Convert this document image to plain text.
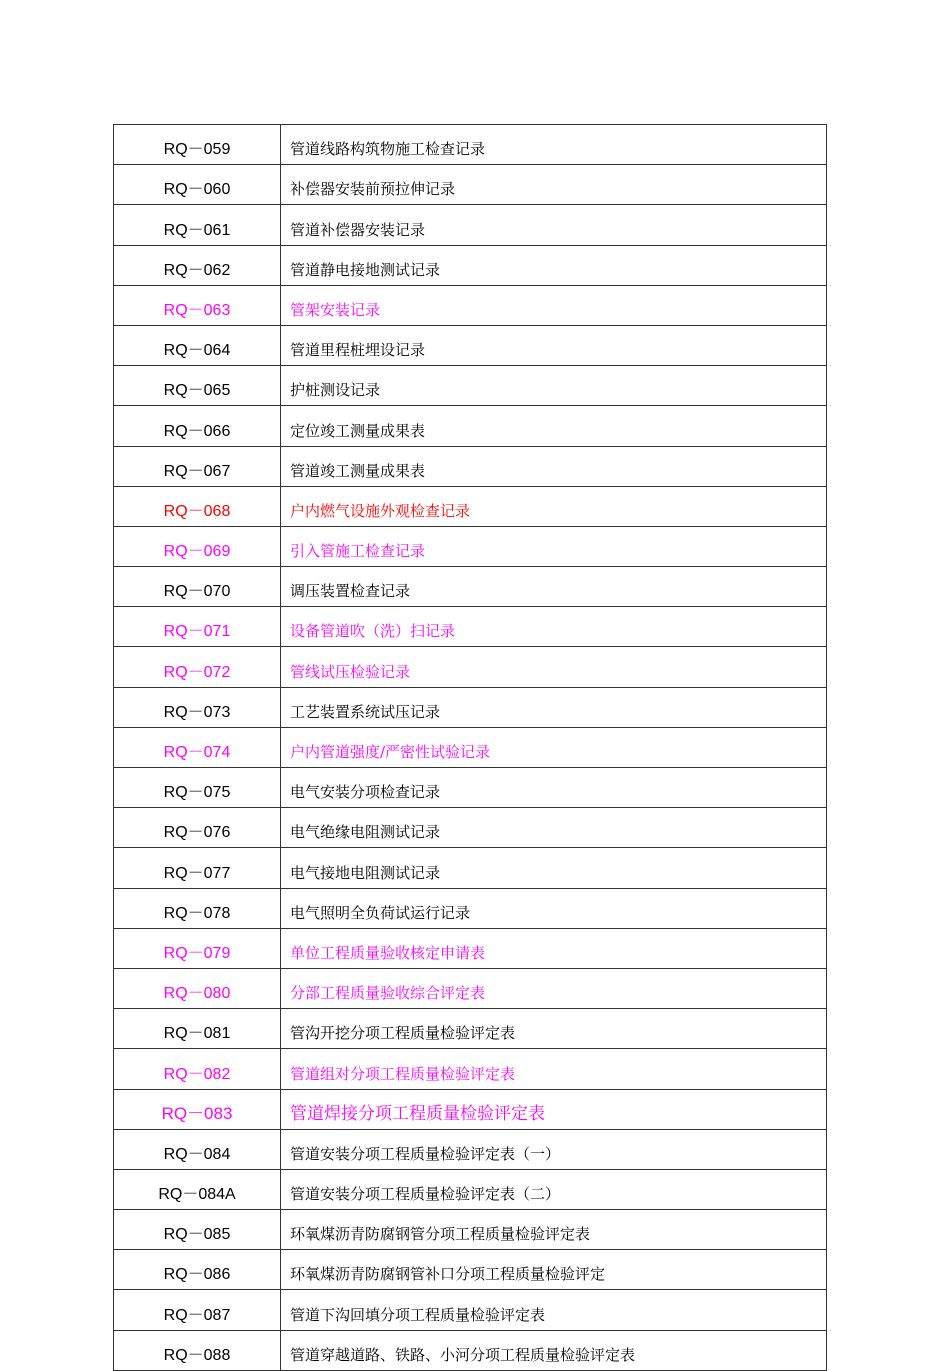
RQ－059	管道线路构筑物施工检查记录
RQ－060	补偿器安装前预拉伸记录
RQ－061	管道补偿器安装记录
RQ－062	管道静电接地测试记录
RQ－063	管架安装记录
RQ－064	管道里程桩埋设记录
RQ－065	护桩测设记录
RQ－066	定位竣工测量成果表
RQ－067	管道竣工测量成果表
RQ－068	户内燃气设施外观检查记录
RQ－069	引入管施工检查记录
RQ－070	调压装置检查记录
RQ－071	设备管道吹（洗）扫记录
RQ－072	管线试压检验记录
RQ－073	工艺装置系统试压记录
RQ－074	户内管道强度/严密性试验记录
RQ－075	电气安装分项检查记录
RQ－076	电气绝缘电阻测试记录
RQ－077	电气接地电阻测试记录
RQ－078	电气照明全负荷试运行记录
RQ－079	单位工程质量验收核定申请表
RQ－080	分部工程质量验收综合评定表
RQ－081	管沟开挖分项工程质量检验评定表
RQ－082	管道组对分项工程质量检验评定表
RQ－083	管道焊接分项工程质量检验评定表
RQ－084	管道安装分项工程质量检验评定表（一）
RQ－084A	管道安装分项工程质量检验评定表（二）
RQ－085	环氧煤沥青防腐钢管分项工程质量检验评定表
RQ－086	环氧煤沥青防腐钢管补口分项工程质量检验评定
RQ－087	管道下沟回填分项工程质量检验评定表
RQ－088	管道穿越道路、铁路、小河分项工程质量检验评定表
